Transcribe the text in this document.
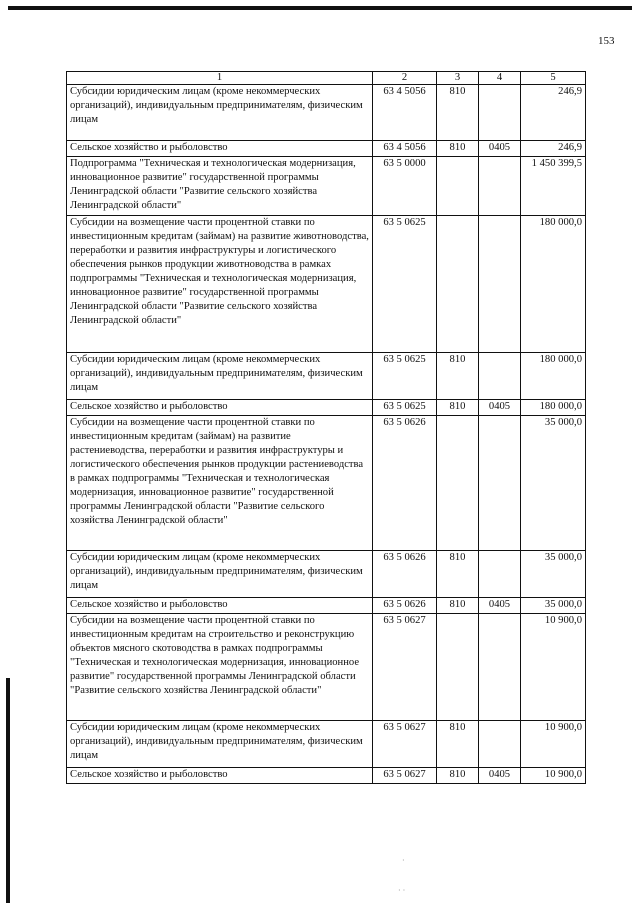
153
1	2	3	4	5
Субсидии юридическим лицам (кроме некоммерческих организаций), индивидуальным предпринимателям, физическим лицам	63 4 5056	810		246,9
Сельское хозяйство и рыболовство	63 4 5056	810	0405	246,9
Подпрограмма "Техническая и технологическая модернизация, инновационное развитие" государственной программы Ленинградской области "Развитие сельского хозяйства Ленинградской области"	63 5 0000			1 450 399,5
Субсидии на возмещение части процентной ставки по инвестиционным кредитам (займам) на развитие животноводства, переработки и развития инфраструктуры и логистического обеспечения рынков продукции животноводства в рамках подпрограммы "Техническая и технологическая модернизация, инновационное развитие" государственной программы Ленинградской области "Развитие сельского хозяйства Ленинградской области"	63 5 0625			180 000,0
Субсидии юридическим лицам (кроме некоммерческих организаций), индивидуальным предпринимателям, физическим лицам	63 5 0625	810		180 000,0
Сельское хозяйство и рыболовство	63 5 0625	810	0405	180 000,0
Субсидии на возмещение части процентной ставки по инвестиционным кредитам (займам) на развитие растениеводства, переработки и развития инфраструктуры и логистического обеспечения рынков продукции растениеводства в рамках подпрограммы "Техническая и технологическая модернизация, инновационное развитие" государственной программы Ленинградской области "Развитие сельского хозяйства Ленинградской области"	63 5 0626			35 000,0
Субсидии юридическим лицам (кроме некоммерческих организаций), индивидуальным предпринимателям, физическим лицам	63 5 0626	810		35 000,0
Сельское хозяйство и рыболовство	63 5 0626	810	0405	35 000,0
Субсидии на возмещение части процентной ставки по инвестиционным кредитам на строительство и реконструкцию объектов мясного скотоводства в рамках подпрограммы "Техническая и технологическая модернизация, инновационное развитие" государственной программы Ленинградской области "Развитие сельского хозяйства Ленинградской области"	63 5 0627			10 900,0
Субсидии юридическим лицам (кроме некоммерческих организаций), индивидуальным предпринимателям, физическим лицам	63 5 0627	810		10 900,0
Сельское хозяйство и рыболовство	63 5 0627	810	0405	10 900,0
·
· ·
